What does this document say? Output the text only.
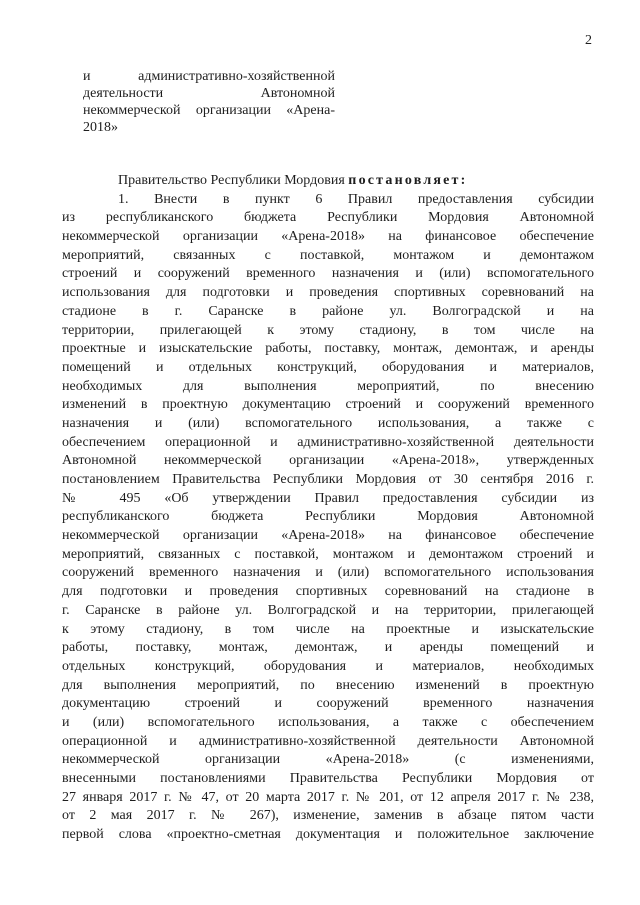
2
и административно-хозяйственной
деятельности Автономной
некоммерческой организации «Арена-
2018»
Правительство Республики Мордовия постановляет:
1. Внести в пункт 6 Правил предоставления субсидии
из республиканского бюджета Республики Мордовия Автономной
некоммерческой организации «Арена-2018» на финансовое обеспечение
мероприятий, связанных с поставкой, монтажом и демонтажом
строений и сооружений временного назначения и (или) вспомогательного
использования для подготовки и проведения спортивных соревнований на
стадионе в г. Саранске в районе ул. Волгоградской и на
территории, прилегающей к этому стадиону, в том числе на
проектные и изыскательские работы, поставку, монтаж, демонтаж, и аренды
помещений и отдельных конструкций, оборудования и материалов,
необходимых для выполнения мероприятий, по внесению
изменений в проектную документацию строений и сооружений временного
назначения и (или) вспомогательного использования, а также с
обеспечением операционной и административно-хозяйственной деятельности
Автономной некоммерческой организации «Арена-2018», утвержденных
постановлением Правительства Республики Мордовия от 30 сентября 2016 г.
№ 495 «Об утверждении Правил предоставления субсидии из
республиканского бюджета Республики Мордовия Автономной
некоммерческой организации «Арена-2018» на финансовое обеспечение
мероприятий, связанных с поставкой, монтажом и демонтажом строений и
сооружений временного назначения и (или) вспомогательного использования
для подготовки и проведения спортивных соревнований на стадионе в
г. Саранске в районе ул. Волгоградской и на территории, прилегающей
к этому стадиону, в том числе на проектные и изыскательские
работы, поставку, монтаж, демонтаж, и аренды помещений и
отдельных конструкций, оборудования и материалов, необходимых
для выполнения мероприятий, по внесению изменений в проектную
документацию строений и сооружений временного назначения
и (или) вспомогательного использования, а также с обеспечением
операционной и административно-хозяйственной деятельности Автономной
некоммерческой организации «Арена-2018» (с изменениями,
внесенными постановлениями Правительства Республики Мордовия от
27 января 2017 г. № 47, от 20 марта 2017 г. № 201, от 12 апреля 2017 г. № 238,
от 2 мая 2017 г. № 267), изменение, заменив в абзаце пятом части
первой слова «проектно-сметная документация и положительное заключение
